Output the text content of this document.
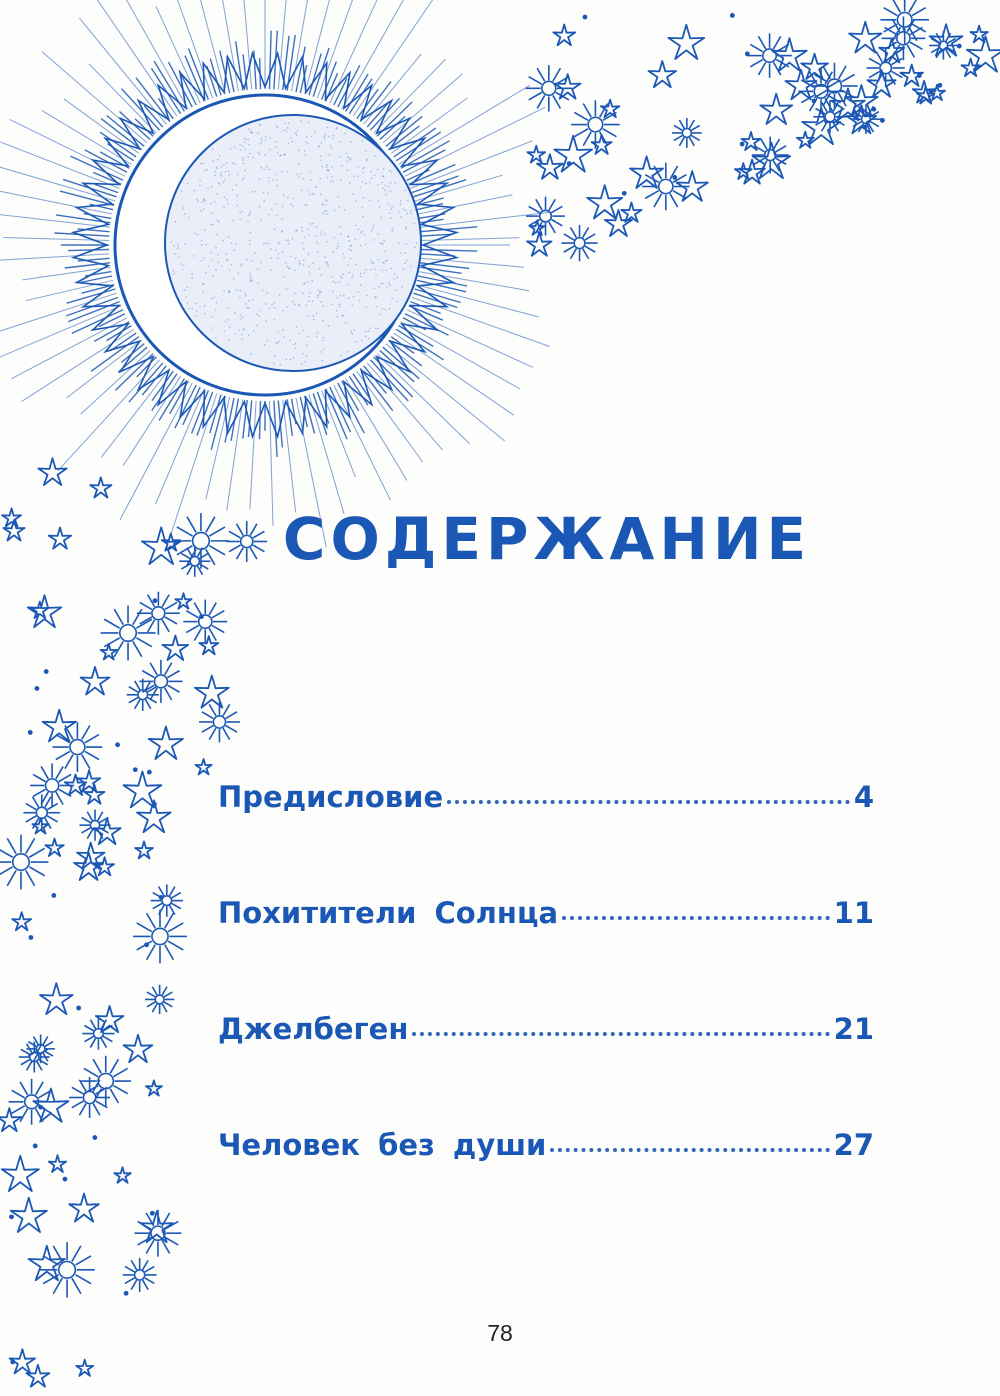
СОДЕРЖАНИЕ
Предисловие	4
Похитители Солнца	11
Джелбеген	21
Человек без души	27
78
